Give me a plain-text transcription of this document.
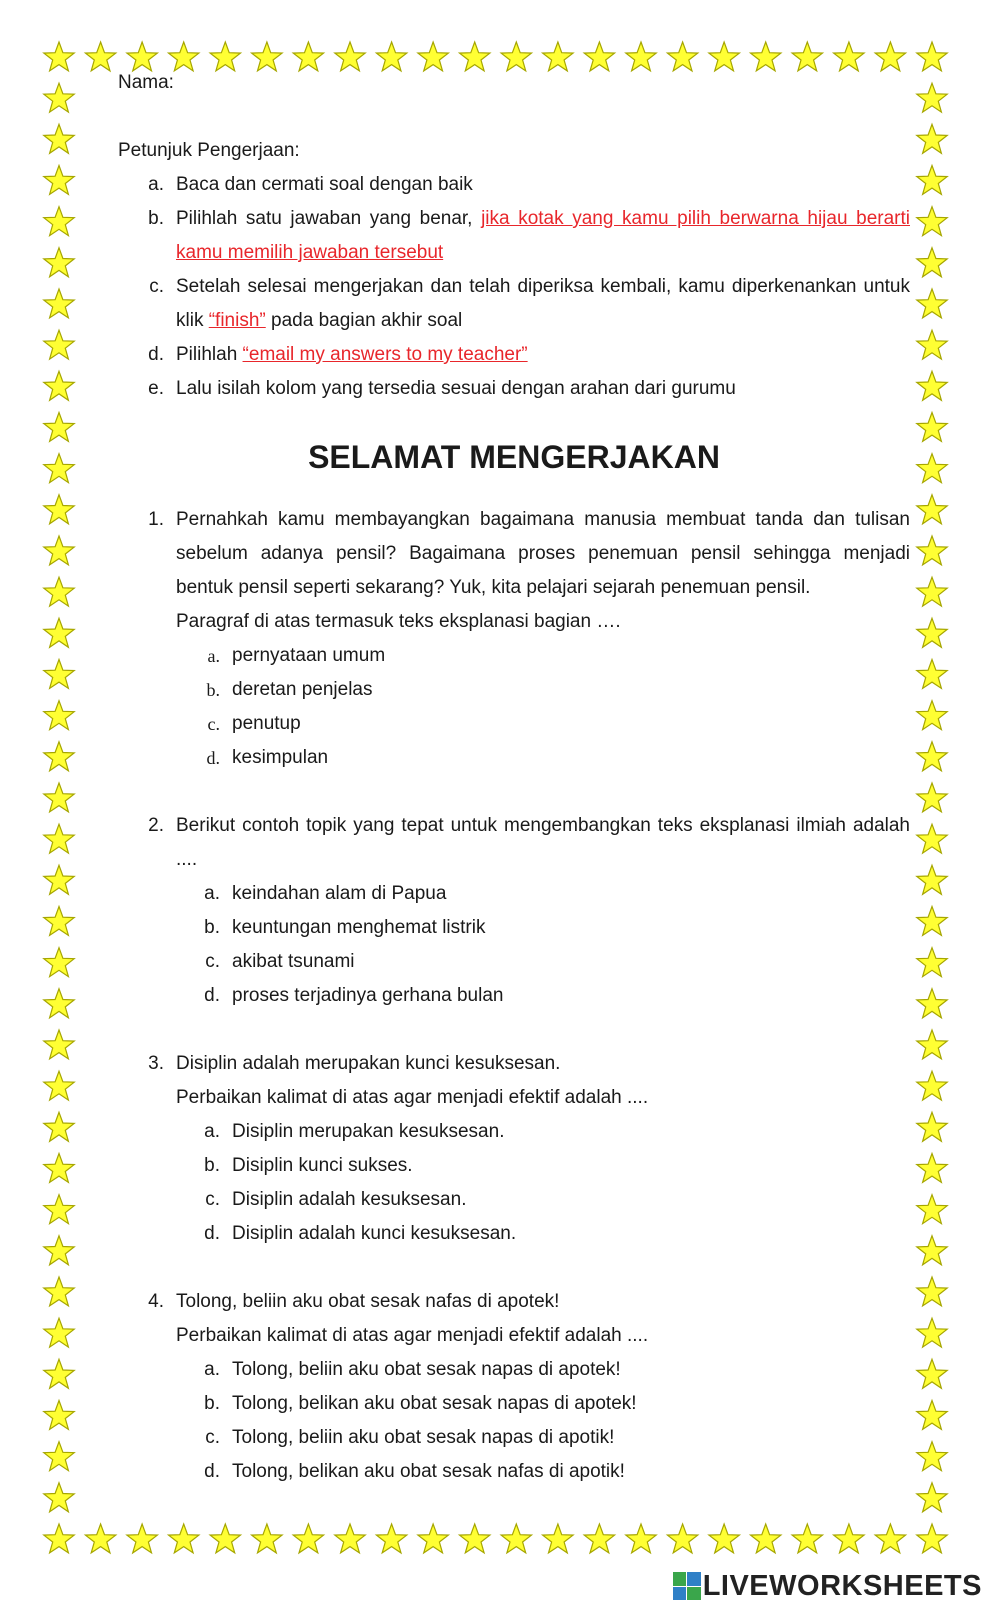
Nama:

Petunjuk Pengerjaan:

a. Baca dan cermati soal dengan baik
b. Pilihlah satu jawaban yang benar, jika kotak yang kamu pilih berwarna hijau berarti kamu memilih jawaban tersebut
c. Setelah selesai mengerjakan dan telah diperiksa kembali, kamu diperkenankan untuk klik “finish” pada bagian akhir soal
d. Pilihlah “email my answers to my teacher”
e. Lalu isilah kolom yang tersedia sesuai dengan arahan dari gurumu
SELAMAT MENGERJAKAN
1. Pernahkah kamu membayangkan bagaimana manusia membuat tanda dan tulisan sebelum adanya pensil? Bagaimana proses penemuan pensil sehingga menjadi bentuk pensil seperti sekarang? Yuk, kita pelajari sejarah penemuan pensil.
Paragraf di atas termasuk teks eksplanasi bagian ….
a. pernyataan umum
b. deretan penjelas
c. penutup
d. kesimpulan
2. Berikut contoh topik yang tepat untuk mengembangkan teks eksplanasi ilmiah adalah ....
a. keindahan alam di Papua
b. keuntungan menghemat listrik
c. akibat tsunami
d. proses terjadinya gerhana bulan
3. Disiplin adalah merupakan kunci kesuksesan.
Perbaikan kalimat di atas agar menjadi efektif adalah ....
a. Disiplin merupakan kesuksesan.
b. Disiplin kunci sukses.
c. Disiplin adalah kesuksesan.
d. Disiplin adalah kunci kesuksesan.
4. Tolong, beliin aku obat sesak nafas di apotek!
Perbaikan kalimat di atas agar menjadi efektif adalah ....
a. Tolong, beliin aku obat sesak napas di apotek!
b. Tolong, belikan aku obat sesak napas di apotek!
c. Tolong, beliin aku obat sesak napas di apotik!
d. Tolong, belikan aku obat sesak nafas di apotik!
LIVEWORKSHEETS
